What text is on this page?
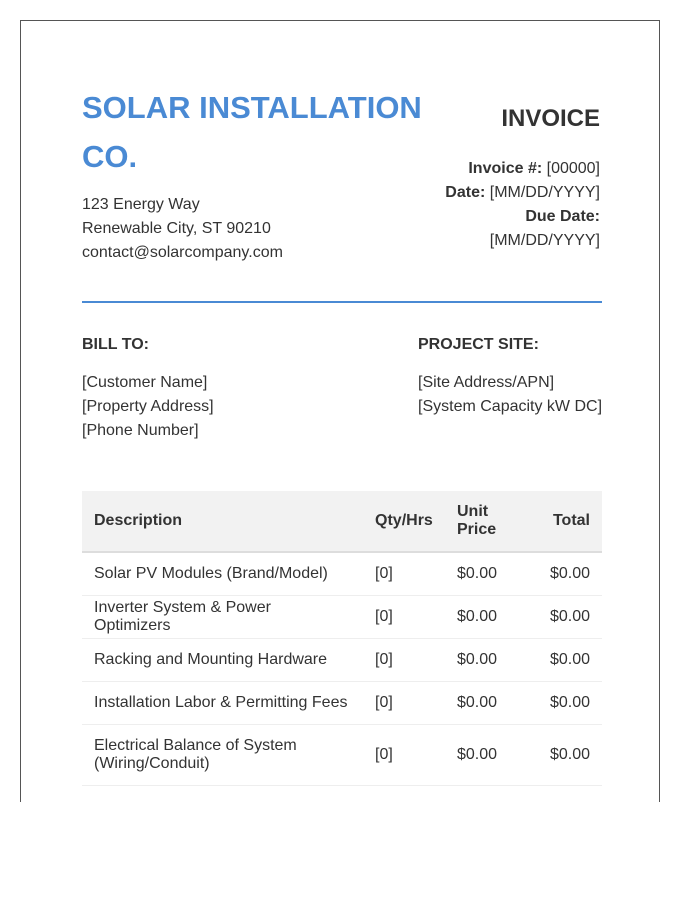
SOLAR INSTALLATION CO.
123 Energy Way
Renewable City, ST 90210
contact@solarcompany.com
INVOICE
Invoice #: [00000]
Date: [MM/DD/YYYY]
Due Date:
[MM/DD/YYYY]
BILL TO:
[Customer Name]
[Property Address]
[Phone Number]
PROJECT SITE:
[Site Address/APN]
[System Capacity kW DC]
Description	Qty/Hrs	Unit Price	Total
Solar PV Modules (Brand/Model)	[0]	$0.00	$0.00
Inverter System & Power Optimizers	[0]	$0.00	$0.00
Racking and Mounting Hardware	[0]	$0.00	$0.00
Installation Labor & Permitting Fees	[0]	$0.00	$0.00
Electrical Balance of System (Wiring/Conduit)	[0]	$0.00	$0.00
